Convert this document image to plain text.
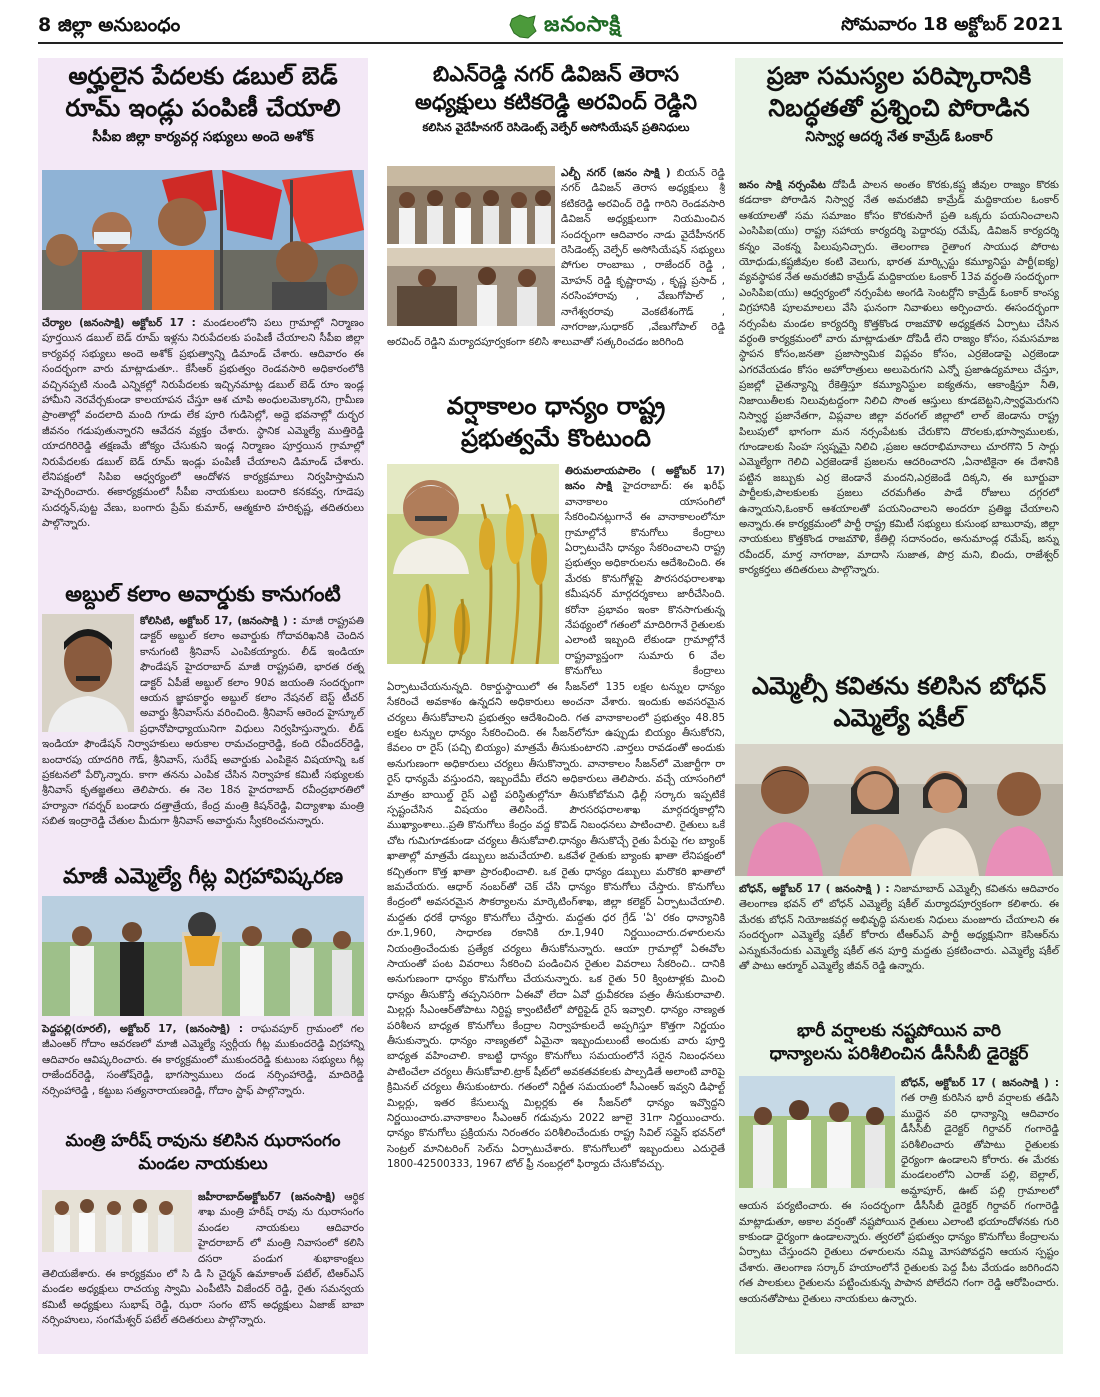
8 జిల్లా అనుబంధం	జనంసాక్షి	సోమవారం 18 అక్టోబర్ 2021
అర్హులైన పేదలకు డబుల్ బెడ్
రూమ్ ఇండ్లు పంపిణీ చేయాలి
సీపీఐ జిల్లా కార్యవర్గ సభ్యులు అందె అశోక్
చేర్యాల (జనంసాక్షి) అక్టోబర్ 17 : మండలంలోని పలు గ్రామాల్లో నిర్మాణం పూర్తయిన డబుల్ బెడ్ రూమ్ ఇళ్లను నిరుపేదలకు పంపిణీ చేయాలని సీపీఐ జిల్లా కార్యవర్గ సభ్యులు అందె అశోక్ ప్రభుత్వాన్ని డిమాండ్ చేశారు. ఆదివారం ఈ సందర్భంగా వారు మాట్లాడుతూ.. కేసీఆర్ ప్రభుత్వం రెండవసారి అధికారంలోకి వచ్చినప్పటి నుండి ఎన్నికల్లో నిరుపేదలకు ఇచ్చినమాట్ల డబుల్ బెడ్ రూం ఇండ్ల హామీని నెరవేర్చకుండా కాలయాపన చేస్తూ ఆశ చూపి అంధులమెక్కారని, గ్రామీణ ప్రాంతాల్లో వందలాది మంది గూడు లేక పూరి గుడిసెల్లో, అద్దె భవనాల్లో దుర్భర జీవనం గడుపుతున్నారని ఆవేదన వ్యక్తం చేశారు. స్థానిక ఎమ్మెల్యే ముత్తిరెడ్డి యాదగిరిరెడ్డి తక్షణమే జోక్యం చేసుకుని ఇండ్ల నిర్మాణం పూర్తయిన గ్రామాల్లో నిరుపేదలకు డబుల్ బెడ్ రూమ్ ఇండ్లు పంపిణీ చేయాలని డిమాండ్ చేశారు. లేనిపక్షంలో సిపిఐ ఆధ్వర్యంలో ఆందోళన కార్యక్రమాలు నిర్వహిస్తామని హెచ్చరించారు. ఈకార్యక్రమంలో సీపీఐ నాయకులు బందారి కనకవ్వ, గూడెపు సుదర్శన్,పుట్ట వేణు, బంగారు ప్రేమ్ కుమార్, ఆత్మకూరి హరికృష్ణ, తదితరులు పాల్గొన్నారు.
అబ్దుల్ కలాం అవార్డుకు కానుగంటి
కోలిసిటి, అక్టోబర్ 17, (జనంసాక్షి ) : మాజీ రాష్ట్రపతి డాక్టర్ అబ్దుల్ కలాం అవార్డుకు గోదావరిఖనికి చెందిన కానుగంటి శ్రీనివాస్ ఎంపికయ్యారు. లీడ్ ఇండియా ఫౌండేషన్ హైదరాబాద్ మాజీ రాష్ట్రపతి, భారత రత్న డాక్టర్ ఏపీజే అబ్దుల్ కలాం 90వ జయంతి సందర్భంగా ఆయన జ్ఞాపకార్థం అబ్దుల్ కలాం నేషనల్ బెస్ట్ టీచర్ అవార్డు శ్రీనివాస్‌ను వరించింది. శ్రీనివాస్ ఆరెంద హైస్కూల్ ప్రధానోపాధ్యాయునిగా విధులు నిర్వహిస్తున్నారు. లీడ్ ఇండియా ఫౌండేషన్ నిర్వాహకులు అరుకాల రామచంద్రారెడ్డి, కంది రవీందర్‌రెడ్డి, బందారపు యాదగిరి గౌడ్, శ్రీనివాస్, సురేష్ అవార్డుకు ఎంపికైన విషయాన్ని ఒక ప్రకటనలో పేర్కొన్నారు. కాగా తనను ఎంపిక చేసిన నిర్వాహక కమిటీ సభ్యులకు శ్రీనివాస్ కృతజ్ఞతలు తెలిపారు. ఈ నెల 18న హైదరాబాద్ రవీంద్రభారతిలో హర్యానా గవర్నర్ బండారు దత్తాత్రేయ, కేంద్ర మంత్రి కిషన్‌రెడ్డి, విద్యాశాఖ మంత్రి సబిత ఇంద్రారెడ్డి చేతుల మీదుగా శ్రీనివాస్ అవార్డును స్వీకరించనున్నారు.
మాజీ ఎమ్మెల్యే గీట్ల విగ్రహావిష్కరణ
పెద్దపల్లి(రూరల్), అక్టోబర్ 17, (జనంసాక్షి) : రాఘవపూర్ గ్రామంలో గల జీఎంఆర్ గోదాం ఆవరణలో మాజీ ఎమ్మెల్యే స్వర్గీయ గీట్ల ముకుందరెడ్డి విగ్రహాన్ని ఆదివారం ఆవిష్కరించారు. ఈ కార్యక్రమంలో ముకుందరెడ్డి కుటుంబ సభ్యులు గీట్ల రాజేందర్‌రెడ్డి, సంతోష్‌రెడ్డి, భాగస్వాములు దండ నర్సింహారెడ్డి, మాదిరెడ్డి నర్సింహారెడ్డి , కట్టుబ సత్యనారాయణరెడ్డి, గోదాం స్టాఫ్ పాల్గొన్నారు.
మంత్రి హరీష్ రావును కలిసిన ఝరాసంగం
మండల నాయకులు
జహీరాబాద్అక్టోబర్7 (జనంసాక్షి) ఆర్థిక శాఖ మంత్రి హరీష్ రావు ను ఝరాసంగం మండల నాయకులు ఆదివారం హైదరాబాద్ లో మంత్రి నివాసంలో కలిసి దసరా పండుగ శుభాకాంక్షలు తెలియజేశారు. ఈ కార్యక్రమం లో సి డి సి చైర్మన్ ఉమాకాంత్ పటేల్, టిఆర్ఎస్ మండల అధ్యక్షులు రాచయ్య స్వామి ఎంపీటిసి విజేందర్ రెడ్డి, రైతు సమన్వయ కమిటీ అధ్యక్షులు సుభాష్ రెడ్డి, ఝరా సంగం టౌన్ అధ్యక్షులు ఏజాజ్ బాబా నర్సింహులు, సంగమేశ్వర్ పటేల్ తదితరులు పాల్గొన్నారు.
బిఎన్‌రెడ్డి నగర్ డివిజన్ తెరాస
అధ్యక్షులు కటికరెడ్డి అరవింద్ రెడ్డిని
కలిసిన వైదేహీనగర్ రెసిడెంట్స్ వెల్ఫేర్ అసోసియేషన్ ప్రతినిధులు
ఎల్బీ నగర్ (జనం సాక్షి ) బియన్ రెడ్డి నగర్ డివిజన్ తెరాస అధ్యక్షులు శ్రీ కటికరెడ్డి అరవింద్ రెడ్డి గారిని రెండవసారి డివిజన్ అధ్యక్షులుగా నియమించిన సందర్భంగా ఆదివారం నాడు వైదేహీనగర్ రెసిడెంట్స్ వెల్ఫేర్ అసోసియేషన్ సభ్యులు పోగుల రాంబాబు , రాజేందర్ రెడ్డి , మోహన్ రెడ్డి కృష్ణారావు , కృష్ణ ప్రసాద్ , నరసింహారావు , వేణుగోపాల్ , నాగేశ్వరరావు వెంకటేశంగౌడ్ , నాగరాజు,సుధాకర్ ,వేణుగోపాల్ రెడ్డి అరవింద్ రెడ్డిని మర్యాదపూర్వకంగా కలిసి శాలువాతో సత్కరించడం జరిగింది
వర్షాకాలం ధాన్యం రాష్ట్ర
ప్రభుత్వమే కొంటుంది
తిరుమలాయపాలెం ( అక్టోబర్ 17) జనం సాక్షి హైదరాబాద్: ఈ ఖరీఫ్ వానాకాలం యాసంగిలో సేకరించినట్లుగానే ఈ వానాకాలంలోనూ గ్రామాల్లోనే కొనుగోలు కేంద్రాలు ఏర్పాటుచేసి ధాన్యం సేకరించాలని రాష్ట్ర ప్రభుత్వం అధికారులను ఆదేశించింది. ఈ మేరకు కొనుగోళ్లపై పౌరసరఫరాలశాఖ కమీషనర్ మార్గదర్శకాలు జారీచేసింది. కరోనా ప్రభావం ఇంకా కొనసాగుతున్న నేపథ్యంలో గతంలో మాదిరిగానే రైతులకు ఎలాంటి ఇబ్బంది లేకుండా గ్రామాల్లోనే రాష్ట్రవ్యాప్తంగా సుమారు 6 వేల కొనుగోలు కేంద్రాలు ఏర్పాటుచేయనున్నది. రికార్డుస్థాయిలో ఈ సీజన్‌లో 135 లక్షల టన్నుల ధాన్యం సేకరించే అవకాశం ఉన్నదని అధికారులు అంచనా వేశారు. ఇందుకు అవసరమైన చర్యలు తీసుకోవాలని ప్రభుత్వం ఆదేశించింది. గత వానాకాలంలో ప్రభుత్వం 48.85 లక్షల టన్నుల ధాన్యం సేకరించింది. ఈ సీజన్‌లోనూ ఉప్పుడు బియ్యం తీసుకోరని, కేవలం రా రైస్ (పచ్చి బియ్యం) మాత్రమే తీసుకుంటారని .వార్తలు రావడంతో అందుకు అనుగుణంగా అధికారులు చర్యలు తీసుకొన్నారు. వానాకాలం సీజన్‌లో మెజార్టీగా రా రైస్ ధాన్యమే వస్తుందని, ఇబ్బందేమీ లేదని అధికారులు తెలిపారు. వచ్చే యాసంగిలో మాత్రం బాయిల్డ్ రైస్ ఎట్టి పరిస్థితుల్లోనూ తీసుకోబోమని ఢిల్లీ సర్కారు ఇప్పటికే స్పష్టంచేసిన విషయం తెలిసిందే. పౌరసరఫరాలశాఖ మార్గదర్శకాల్లోని ముఖ్యాంశాలు..ప్రతి కొనుగోలు కేంద్రం వద్ద కొవిడ్ నిబంధనలు పాటించాలి. రైతులు ఒకే చోట గుమిగూడకుండా చర్యలు తీసుకోవాలి.ధాన్యం తీసుకొచ్చే రైతు పేరుపై గల బ్యాంక్ ఖాతాల్లో మాత్రమే డబ్బులు జమచేయాలి. ఒకవేళ రైతుకు బ్యాంకు ఖాతా లేనిపక్షంలో కచ్చితంగా కొత్త ఖాతా ప్రారంభించాలి. ఒక రైతు ధాన్యం డబ్బులు మరొకరి ఖాతాలో జమచేయరు. ఆధార్ నంబర్‌తో చెక్ చేసి ధాన్యం కొనుగోలు చేస్తారు. కొనుగోలు కేంద్రంలో అవసరమైన సౌకర్యాలను మార్కెటింగ్‌శాఖ, జిల్లా కలెక్టర్ ఏర్పాటుచేయాలి. మద్దతు ధరకే ధాన్యం కొనుగోలు చేస్తారు. మద్దతు ధర గ్రేడ్ 'ఏ' రకం ధాన్యానికి రూ.1,960, సాధారణ రకానికి రూ.1,940 నిర్ణయించారు.దళారులను నియంత్రించేందుకు ప్రత్యేక చర్యలు తీసుకోనున్నారు. ఆయా గ్రామాల్లో ఏఈవోల సాయంతో పంట వివరాలు సేకరించి పండించిన రైతుల వివరాలు సేకరించి.. దానికి అనుగుణంగా ధాన్యం కొనుగోలు చేయనున్నారు. ఒక రైతు 50 క్వింటాళ్లకు మించి ధాన్యం తీసుకొస్తే తప్పనిసరిగా ఏఈవో లేదా ఏవో ధ్రువీకరణ పత్రం తీసుకురావాలి. మిల్లర్లు సీఎంఆర్‌తోపాటు నిర్దిష్ట క్వాంటిటీలో పోర్టిఫైడ్ రైస్ ఇవ్వాలి. ధాన్యం నాణ్యత పరిశీలన బాధ్యత కొనుగోలు కేంద్రాల నిర్వాహకులదే అప్పగిస్తూ కొత్తగా నిర్ణయం తీసుకున్నారు. ధాన్యం నాణ్యతలో ఏమైనా ఇబ్బందులుంటే అందుకు వారు పూర్తి బాధ్యత వహించాలి. కాబట్టి ధాన్యం కొనుగోలు సమయంలోనే సరైన నిబంధనలు పాటించేలా చర్యలు తీసుకోవాలి.ట్రాక్ షీట్‌లో అవకతవకలకు పాల్పడితే అలాంటి వారిపై క్రిమినల్ చర్యలు తీసుకుంటారు. గతంలో నిర్ణీత సమయంలో సీఎంఆర్ ఇవ్వని డిఫాల్ట్ మిల్లర్లు, ఇతర కేసులున్న మిల్లర్లకు ఈ సీజన్‌లో ధాన్యం ఇవ్వొద్దని నిర్ణయించారు.వానాకాలం సీఎంఆర్ గడువును 2022 జూలై 31గా నిర్ణయించారు. ధాన్యం కొనుగోలు ప్రక్రియను నిరంతరం పరిశీలించేందుకు రాష్ట్ర సివిల్ సప్లైస్ భవన్‌లో సెంట్రల్ మానిటరింగ్ సెల్‌ను ఏర్పాటుచేశారు. కొనుగోలులో ఇబ్బందులు ఎదురైతే 1800-42500333, 1967 టోల్ ఫ్రీ నంబర్లలో ఫిర్యాదు చేసుకోవచ్చు.
ప్రజా సమస్యల పరిష్కారానికి
నిబద్ధతతో ప్రశ్నించి పోరాడిన
నిస్వార్ధ ఆదర్శ నేత కామ్రేడ్ ఓంకార్
జనం సాక్షి నర్సంపేట దోపిడీ పాలన అంతం కొరకు,కష్ట జీవుల రాజ్యం కొరకు కడదాకా పోరాడిన నిస్వార్ధ నేత అమరజీవి కామ్రేడ్ మద్దికాయల ఓంకార్ ఆశయాలతో సమ సమాజం కోసం కొరకుసాగే ప్రతి ఒక్కరు పయనించాలని ఎంసిపిఐ(యు) రాష్ట్ర సహాయ కార్యదర్శి పెద్దారపు రమేష్, డివిజన్ కార్యదర్శి కన్నం వెంకన్న పిలుపునిచ్చారు. తెలంగాణ రైతాంగ సాయుధ పోరాట యోధుడు,కష్టజీవుల కంటి వెలుగు, భారత మార్క్సిస్టు కమ్యూనిస్టు పార్టీ(ఐక్య) వ్యవస్థాపక నేత అమరజీవి కామ్రేడ్ మద్దికాయల ఓంకార్ 13వ వర్ధంతి సందర్భంగా ఎంసిపిఐ(యు) ఆధ్వర్యంలో నర్సంపేట అంగడి సెంటర్లోని కామ్రేడ్ ఓంకార్ కాంస్య విగ్రహానికి పూలమాలలు వేసి ఘనంగా నివాళులు అర్పించారు. ఈసందర్భంగా నర్సంపేట మండల కార్యదర్శి కొత్తకొండ రాజమౌళి అధ్యక్షతన ఏర్పాటు చేసిన వర్ధంతి కార్యక్రమంలో వారు మాట్లాడుతూ దోపిడీ లేని రాజ్యం కోసం, సమసమాజ స్థాపన కోసం,జనతా ప్రజాస్వామిక విప్లవం కోసం, ఎర్రజెండాపై ఎర్రజెండా ఎగరవేయడం కోసం అహోరాత్రులు అలుపెరుగని ఎన్నో ప్రజాఉద్యమాలు చేస్తూ, ప్రజల్లో చైతన్యాన్ని రేకెత్తిస్తూ కమ్యూనిస్టుల ఐక్యతను, ఆకాంక్షిస్తూ నీతి, నిజాయితీలకు నిలువుటద్దంగా నిలిచి సొంత ఆస్తులు కూడబెట్టని,స్వార్థమెరుగని నిస్వార్థ ప్రజానేతగా, విప్లవాల జిల్లా వరంగల్ జిల్లాలో లాల్ జెండాను రాష్ట్ర పిలుపులో భాగంగా మన నర్సంపేటకు చేరుకొని దొరలకు,భూస్వాములకు, గూండాలకు సింహ స్వప్నమై నిలిచి ,ప్రజల ఆదరాభిమానాలు చూరగొని 5 సార్లు ఎమ్మెల్యేగా గెలిచి ఎర్రజెండాకే ప్రజలను ఆదరించారని ,ఏనాటికైనా ఈ దేశానికి పట్టిన జబ్బుకు ఎర్ర జెండానే మందని,ఎర్రజెండే దిక్కని, ఈ బూర్జువా పార్టీలకు,పాలకులకు ప్రజలు చరమగీతం పాడే రోజులు దగ్గరలో ఉన్నాయని,ఓంకార్ ఆశయాలతో పయనించాలని అందరూ ప్రతిజ్ఞ చేయాలని అన్నారు.ఈ కార్యక్రమంలో పార్టీ రాష్ట్ర కమిటీ సభ్యులు కుసుంభ బాబురావు, జిల్లా నాయకులు కొత్తకొండ రాజమౌళి, కేతిల్లి సదానందం, అనుమాండ్ల రమేష్, జన్ను రవీందర్, మార్త నాగరాజు, మాదాసి సుజాత, పొర్ర మని, బిందు, రాజేశ్వర్ కార్యకర్తలు తదితరులు పాల్గొన్నారు.
ఎమ్మెల్సీ కవితను కలిసిన బోధన్
ఎమ్మెల్యే షకీల్
బోధన్, అక్టోబర్ 17 ( జనంసాక్షి ) : నిజామాబాద్ ఎమ్మెల్సీ కవితను ఆదివారం తెలంగాణ భవన్ లో బోధన్ ఎమ్మెల్యే షకీల్ మర్యాదపూర్వకంగా కలిశారు. ఈ మేరకు బోధన్ నియోజకవర్గ అభివృద్ధి పనులకు నిధులు మంజూరు చేయాలని ఈ సందర్భంగా ఎమ్మెల్యే షకీల్ కోరారు టీఆర్ఎస్ పార్టీ అధ్యక్షునిగా కెసిఆర్‌ను ఎన్నుకునేందుకు ఎమ్మెల్యే షకీల్ తన పూర్తి మద్దతు ప్రకటించారు. ఎమ్మెల్యే షకీల్ తో పాటు ఆర్మూర్ ఎమ్మెల్యే జీవన్ రెడ్డి ఉన్నారు.
భారీ వర్షాలకు నష్టపోయిన వారి
ధాన్యాలను పరిశీలించిన డీసీసీబీ డైరెక్టర్
బోధన్, అక్టోబర్ 17 ( జనంసాక్షి ) : గత రాత్రి కురిసిన భారీ వర్షాలకు తడిసి ముద్దైన వరి ధాన్యాన్ని ఆదివారం డీసీసీబీ డైరెక్టర్ గిర్దావర్ గంగారెడ్డి పరిశీలించారు తోపాటు రైతులకు ధైర్యంగా ఉండాలని కోరారు. ఈ మేరకు మండలంలోని ఎరాజ్ పల్లి, బెల్లాల్, అమ్దాపూర్, ఊట్ పల్లి గ్రామాలలో ఆయన పర్యటించారు. ఈ సందర్భంగా డీసీసీబీ డైరెక్టర్ గిర్దావర్ గంగారెడ్డి మాట్లాడుతూ, అకాల వర్షంతో నష్టపోయిన రైతులు ఎలాంటి భయాందోళనకు గురి కాకుండా ధైర్యంగా ఉండాలన్నారు. త్వరలో ప్రభుత్వం ధాన్యం కొనుగోలు కేంద్రాలను ఏర్పాటు చేస్తుందని రైతులు దళారులను నమ్మి మోసపోవద్దని ఆయన స్పష్టం చేశారు. తెలంగాణ సర్కార్ హయాంలోనే రైతులకు పెద్ద పీట వేయడం జరిగిందని గత పాలకులు రైతులను పట్టించుకున్న పాపాన పోలేదని గంగా రెడ్డి ఆరోపించారు. ఆయనతోపాటు రైతులు నాయకులు ఉన్నారు.
